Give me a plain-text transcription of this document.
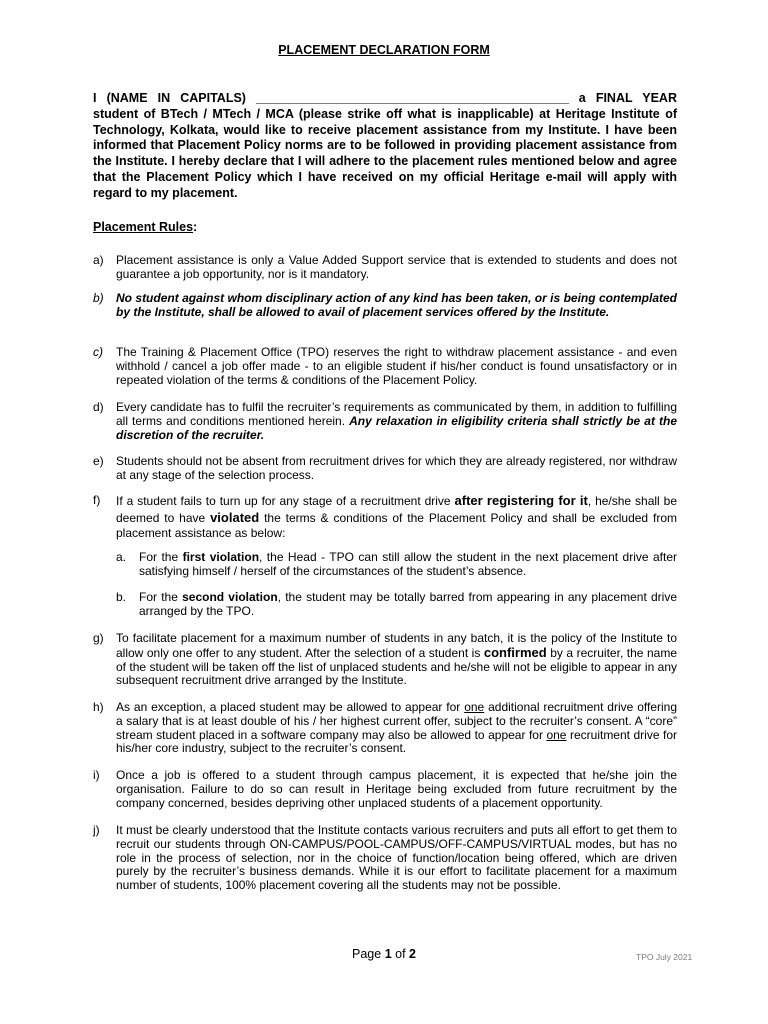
PLACEMENT DECLARATION FORM
I (NAME IN CAPITALS) _______________________________________________ a FINAL YEAR student of BTech / MTech / MCA (please strike off what is inapplicable) at Heritage Institute of Technology, Kolkata, would like to receive placement assistance from my Institute. I have been informed that Placement Policy norms are to be followed in providing placement assistance from the Institute. I hereby declare that I will adhere to the placement rules mentioned below and agree that the Placement Policy which I have received on my official Heritage e-mail will apply with regard to my placement.
Placement Rules:
a)	Placement assistance is only a Value Added Support service that is extended to students and does not guarantee a job opportunity, nor is it mandatory.
b)	No student against whom disciplinary action of any kind has been taken, or is being contemplated by the Institute, shall be allowed to avail of placement services offered by the Institute.
c)	The Training & Placement Office (TPO) reserves the right to withdraw placement assistance - and even withhold / cancel a job offer made - to an eligible student if his/her conduct is found unsatisfactory or in repeated violation of the terms & conditions of the Placement Policy.
d)	Every candidate has to fulfil the recruiter’s requirements as communicated by them, in addition to fulfilling all terms and conditions mentioned herein. Any relaxation in eligibility criteria shall strictly be at the discretion of the recruiter.
e)	Students should not be absent from recruitment drives for which they are already registered, nor withdraw at any stage of the selection process.
f)	If a student fails to turn up for any stage of a recruitment drive after registering for it, he/she shall be deemed to have violated the terms & conditions of the Placement Policy and shall be excluded from placement assistance as below:
a.	For the first violation, the Head - TPO can still allow the student in the next placement drive after satisfying himself / herself of the circumstances of the student’s absence.
b.	For the second violation, the student may be totally barred from appearing in any placement drive arranged by the TPO.
g)	To facilitate placement for a maximum number of students in any batch, it is the policy of the Institute to allow only one offer to any student. After the selection of a student is confirmed by a recruiter, the name of the student will be taken off the list of unplaced students and he/she will not be eligible to appear in any subsequent recruitment drive arranged by the Institute.
h)	As an exception, a placed student may be allowed to appear for one additional recruitment drive offering a salary that is at least double of his / her highest current offer, subject to the recruiter’s consent. A “core” stream student placed in a software company may also be allowed to appear for one recruitment drive for his/her core industry, subject to the recruiter’s consent.
i)	Once a job is offered to a student through campus placement, it is expected that he/she join the organisation. Failure to do so can result in Heritage being excluded from future recruitment by the company concerned, besides depriving other unplaced students of a placement opportunity.
j)	It must be clearly understood that the Institute contacts various recruiters and puts all effort to get them to recruit our students through ON-CAMPUS/POOL-CAMPUS/OFF-CAMPUS/VIRTUAL modes, but has no role in the process of selection, nor in the choice of function/location being offered, which are driven purely by the recruiter’s business demands. While it is our effort to facilitate placement for a maximum number of students, 100% placement covering all the students may not be possible.
Page 1 of 2	TPO July 2021
